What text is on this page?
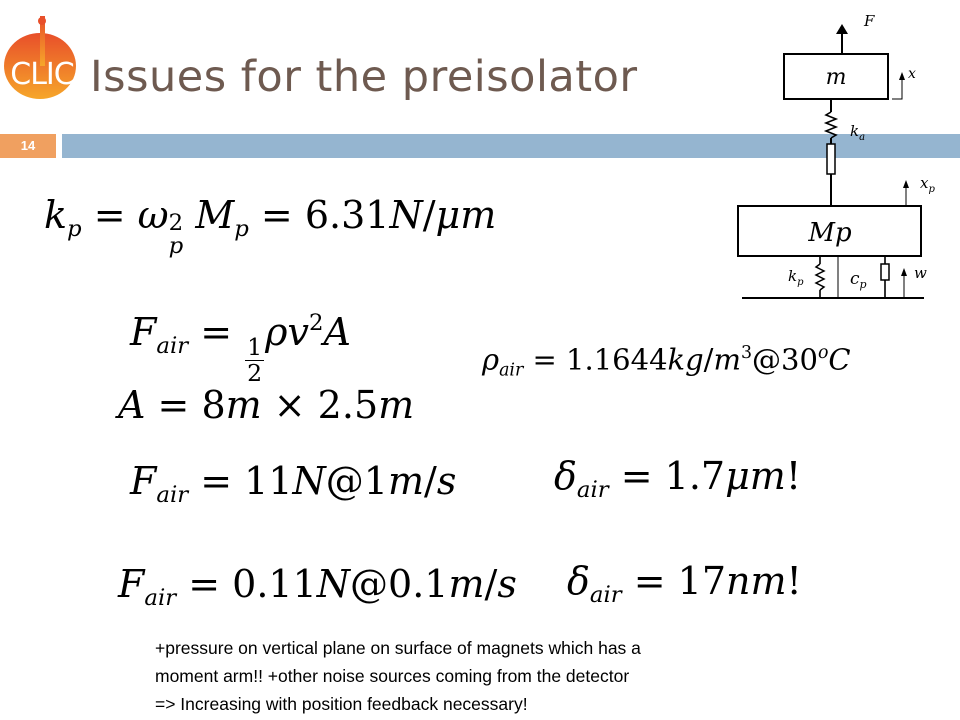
CLIC Issues for the preisolator
14
$k_p = \omega$ 2
p
$M_p = 6.31N/\mu m$
$F_{air}$ =
$\frac{1}{2}$
$\rho v^2A$
$\rho_{air}$ = $1.1644kg/m^3@30^oC$
A = 8m × 2.5m
$F_{air}$ = 11N@1m/s	$\delta_{air} = 1.7\mu m$!
$F_{air}$ = 0.11N@0.1m/s $\delta_{air} = 17nm$!
+pressure on vertical plane on surface of magnets which has a
moment arm!! +other noise sources coming from the detector
=> Increasing with position feedback necessary!
F
m	x
$k_a$
$x_p$
Mp
$k_p$	$c_p$
w
